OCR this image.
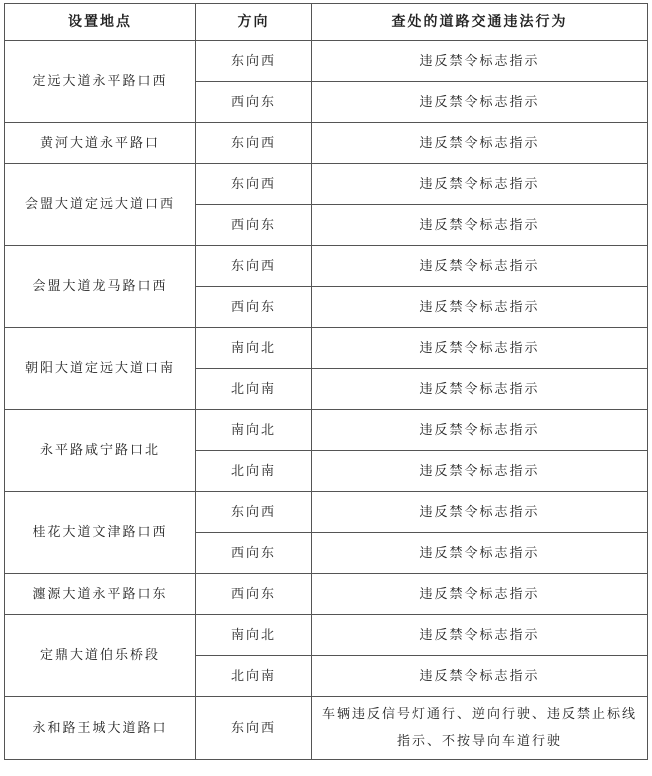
设置地点	方向	查处的道路交通违法行为
定远大道永平路口西	东向西	违反禁令标志指示
	西向东	违反禁令标志指示
黄河大道永平路口	东向西	违反禁令标志指示
会盟大道定远大道口西	东向西	违反禁令标志指示
	西向东	违反禁令标志指示
会盟大道龙马路口西	东向西	违反禁令标志指示
	西向东	违反禁令标志指示
朝阳大道定远大道口南	南向北	违反禁令标志指示
	北向南	违反禁令标志指示
永平路咸宁路口北	南向北	违反禁令标志指示
	北向南	违反禁令标志指示
桂花大道文津路口西	东向西	违反禁令标志指示
	西向东	违反禁令标志指示
瀍源大道永平路口东	西向东	违反禁令标志指示
定鼎大道伯乐桥段	南向北	违反禁令标志指示
	北向南	违反禁令标志指示
永和路王城大道路口	东向西	车辆违反信号灯通行、逆向行驶、违反禁止标线指示、不按导向车道行驶
